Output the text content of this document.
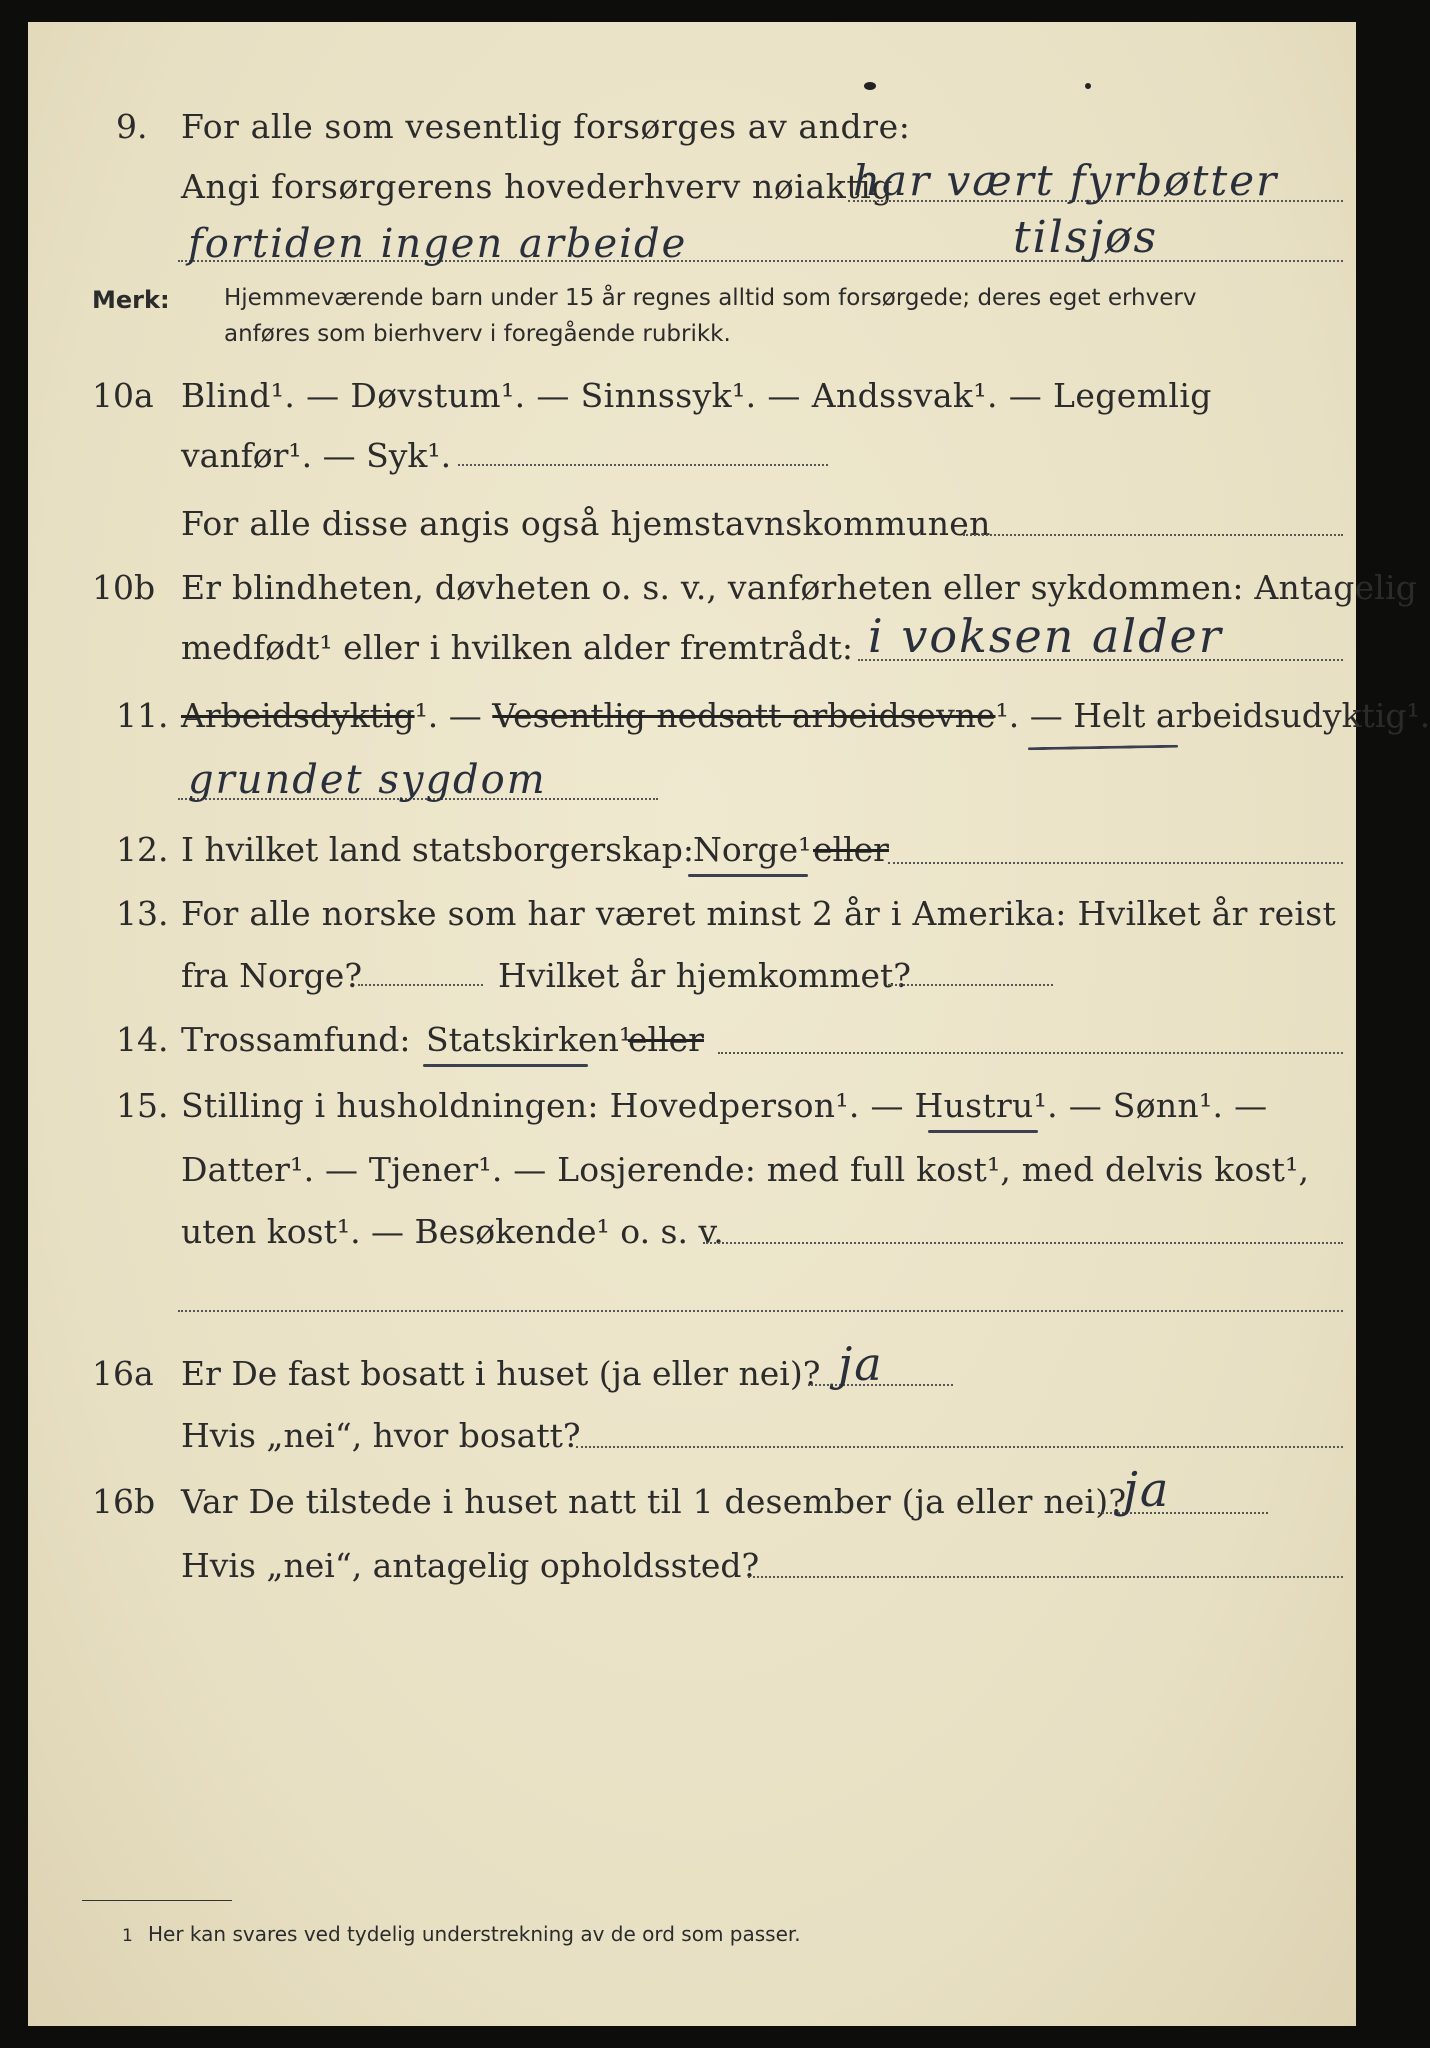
9. For alle som vesentlig forsørges av andre:
Angi forsørgerens hovederhverv nøiaktig
har vært fyrbøtter
fortiden ingen arbeide	tilsjøs
Merk: Hjemmeværende barn under 15 år regnes alltid som forsørgede; deres eget erhverv
anføres som bierhverv i foregående rubrikk.
10a Blind¹. — Døvstum¹. — Sinnssyk¹. — Andssvak¹. — Legemlig
vanfør¹. — Syk¹.
For alle disse angis også hjemstavnskommunen
10b Er blindheten, døvheten o. s. v., vanførheten eller sykdommen: Antagelig
medfødt¹ eller i hvilken alder fremtrådt: i voksen alder
11. Arbeidsdyktig¹. — Vesentlig nedsatt arbeidsevne¹. — Helt arbeidsudyktig¹.
grundet sygdom
12. I hvilket land statsborgerskap:
Norge¹ eller
13. For alle norske som har været minst 2 år i Amerika: Hvilket år reist
fra Norge?	Hvilket år hjemkommet?
14. Trossamfund: Statskirken¹
eller
15. Stilling i husholdningen: Hovedperson¹. — Hustru¹. — Sønn¹. —
Datter¹. — Tjener¹. — Losjerende: med full kost¹, med delvis kost¹,
uten kost¹. — Besøkende¹ o. s. v.
16a Er De fast bosatt i huset (ja eller nei)? ja
Hvis „nei“, hvor bosatt?
16b Var De tilstede i huset natt til 1 desember (ja eller nei)?
ja
Hvis „nei“, antagelig opholdssted?
1 Her kan svares ved tydelig understrekning av de ord som passer.
